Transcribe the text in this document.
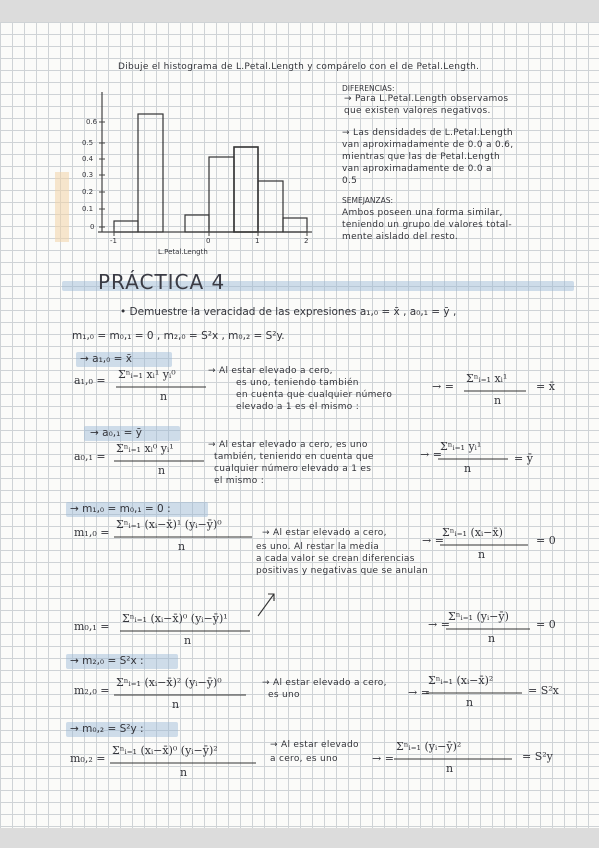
Dibuje el histograma de L.Petal.Length y compárelo con el de Petal.Length.
0.6
0.5
0.4
0.3
0.2
0.1
0
-1	0	1	2
L.Petal.Length
DIFERENCIAS:
→ Para L.Petal.Length observamos
que existen valores negativos.
→ Las densidades de L.Petal.Length
van aproximadamente de 0.0 a 0.6,
mientras que las de Petal.Length
van aproximadamente de 0.0 a
0.5
SEMEJANZAS:
Ambos poseen una forma similar,
teniendo un grupo de valores total-
mente aislado del resto.
PRÁCTICA 4
• Demuestre la veracidad de las expresiones a₁,₀ = x̄ , a₀,₁ = ȳ ,
m₁,₀ = m₀,₁ = 0 , m₂,₀ = S²x , m₀,₂ = S²y.
→ a₁,₀ = x̄
a₁,₀ = Σⁿᵢ₌₁ xᵢ¹ yᵢ⁰
n
→ Al estar elevado a cero,
es uno, teniendo también
en cuenta que cualquier número
elevado a 1 es el mismo :
→ =
Σⁿᵢ₌₁ xᵢ¹
n
= x̄
→ a₀,₁ = ȳ
a₀,₁ =
Σⁿᵢ₌₁ xᵢ⁰ yᵢ¹
n
→ Al estar elevado a cero, es uno
también, teniendo en cuenta que
cualquier número elevado a 1 es
el mismo :
→ =
Σⁿᵢ₌₁ yᵢ¹
n
= ȳ
→ m₁,₀ = m₀,₁ = 0 :
m₁,₀ =
Σⁿᵢ₌₁ (xᵢ−x̄)¹ (yᵢ−ȳ)⁰
n
→ Al estar elevado a cero,
es uno. Al restar la media
a cada valor se crean diferencias
positivas y negativas que se anulan
→ =
Σⁿᵢ₌₁ (xᵢ−x̄)
n
= 0
m₀,₁ =
Σⁿᵢ₌₁ (xᵢ−x̄)⁰ (yᵢ−ȳ)¹
n
→ =
Σⁿᵢ₌₁ (yᵢ−ȳ)
n
= 0
→ m₂,₀ = S²x :
m₂,₀ =
Σⁿᵢ₌₁ (xᵢ−x̄)² (yᵢ−ȳ)⁰
n
→ Al estar elevado a cero,
es uno	→ =
Σⁿᵢ₌₁ (xᵢ−x̄)²
n
= S²x
→ m₀,₂ = S²y :
m₀,₂ =
Σⁿᵢ₌₁ (xᵢ−x̄)⁰ (yᵢ−ȳ)²
n
→ Al estar elevado
a cero, es uno	→ =
Σⁿᵢ₌₁ (yᵢ−ȳ)²
n
= S²y
